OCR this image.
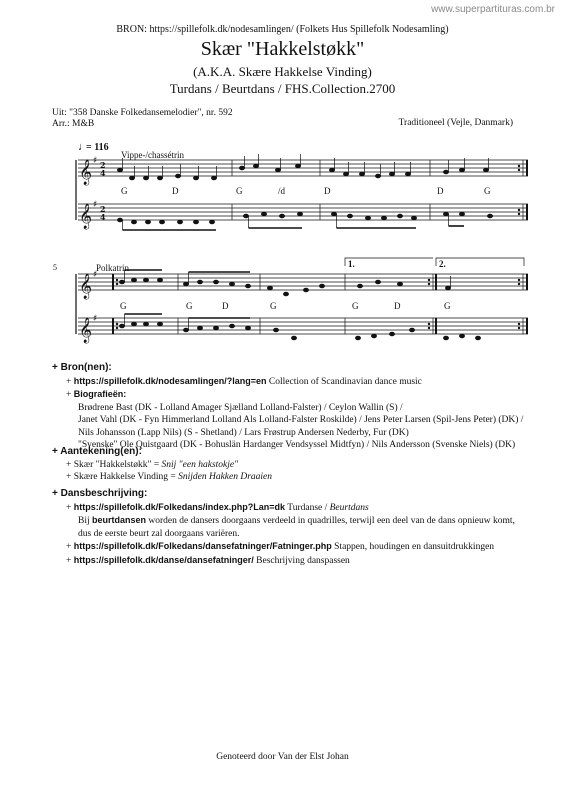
www.superpartituras.com.br
BRON: https://spillefolk.dk/nodesamlingen/ (Folkets Hus Spillefolk Nodesamling)
Skær "Hakkelstøkk"
(A.K.A. Skære Hakkelse Vinding)
Turdans / Beurtdans / FHS.Collection.2700
Uit: "358 Danske Folkedansemelodier", nr. 592
Arr.: M&B	Traditioneel (Vejle, Danmark)
𝄞
𝄞
𝄞
𝄞
♯
♯
♯
♯
2
4
2
4
♩
= 116
Vippe-/chassétrin
5	Polkatrin	1.	2.
G	D	G	/d	D	D	G
G	G	D	G	G	D	G
+ Bron(nen):
+ https://spillefolk.dk/nodesamlingen/?lang=en Collection of Scandinavian dance music
+ Biografieën:
Brødrene Bast (DK - Lolland Amager Sjælland Lolland-Falster) / Ceylon Wallin (S) /
Janet Vahl (DK - Fyn Himmerland Lolland Als Lolland-Falster Roskilde) / Jens Peter Larsen (Spil-Jens Peter) (DK) /
Nils Johansson (Lapp Nils) (S - Shetland) / Lars Frøstrup Andersen Nederby, Fur (DK)
"Svenske" Ole Quistgaard (DK - Bohuslän Hardanger Vendsyssel Midtfyn) / Nils Andersson (Svenske Niels) (DK)
+ Aantekening(en):
+ Skær "Hakkelstøkk" = Snij "een hakstokje"
+ Skære Hakkelse Vinding = Snijden Hakken Draaien
+ Dansbeschrijving:
+ https://spillefolk.dk/Folkedans/index.php?Lan=dk Turdanse / Beurtdans
Bij beurtdansen worden de dansers doorgaans verdeeld in quadrilles, terwijl een deel van de dans opnieuw komt,
dus de eerste beurt zal doorgaans variëren.
+ https://spillefolk.dk/Folkedans/dansefatninger/Fatninger.php Stappen, houdingen en dansuitdrukkingen
+ https://spillefolk.dk/danse/dansefatninger/ Beschrijving danspassen
Genoteerd door Van der Elst Johan
